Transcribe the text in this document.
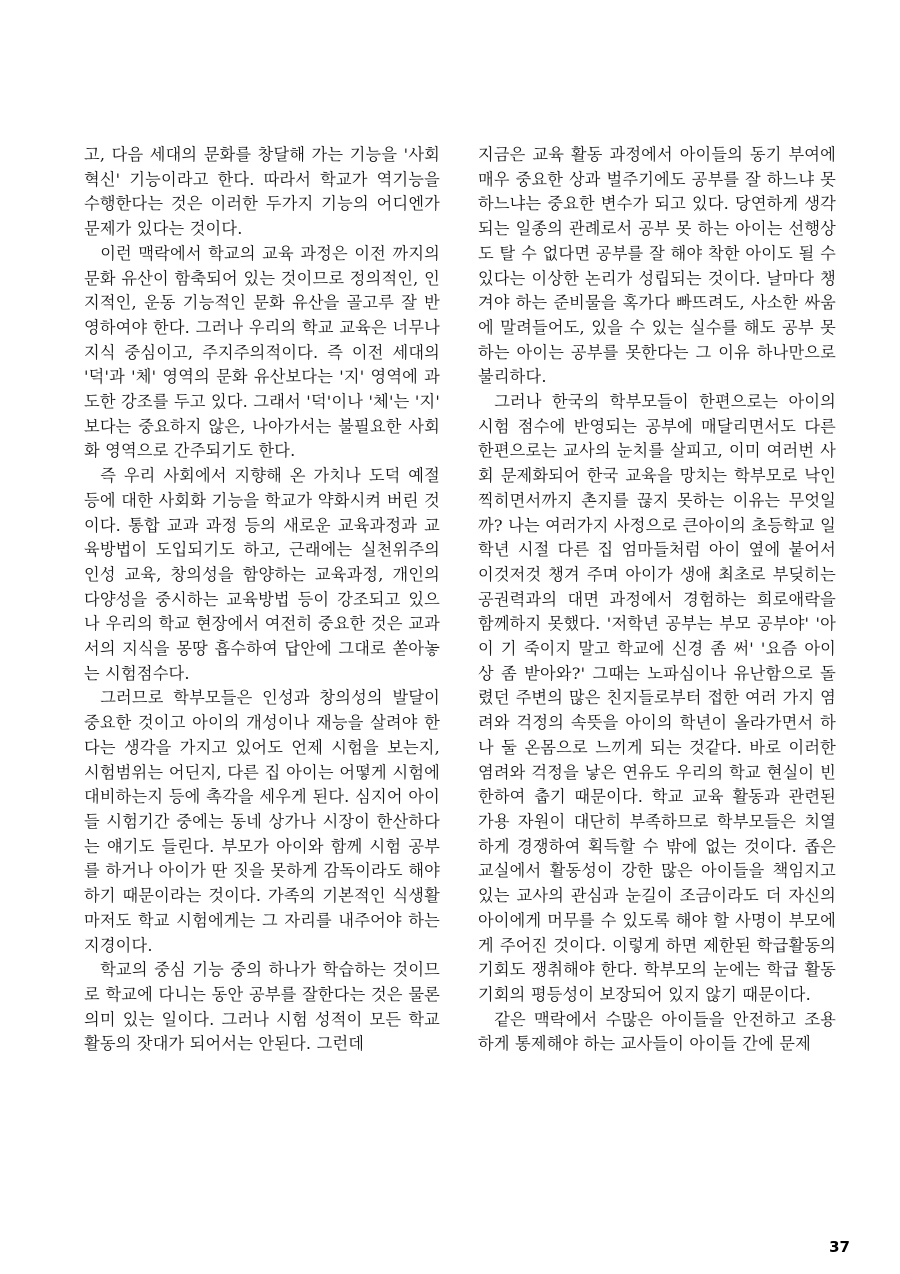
고, 다음 세대의 문화를 창달해 가는 기능을 '사회 혁신' 기능이라고 한다. 따라서 학교가 역기능을 수행한다는 것은 이러한 두가지 기능의 어디엔가 문제가 있다는 것이다.

이런 맥락에서 학교의 교육 과정은 이전 까지의 문화 유산이 함축되어 있는 것이므로 정의적인, 인지적인, 운동 기능적인 문화 유산을 골고루 잘 반영하여야 한다. 그러나 우리의 학교 교육은 너무나 지식 중심이고, 주지주의적이다. 즉 이전 세대의 '덕'과 '체' 영역의 문화 유산보다는 '지' 영역에 과도한 강조를 두고 있다. 그래서 '덕'이나 '체'는 '지' 보다는 중요하지 않은, 나아가서는 불필요한 사회화 영역으로 간주되기도 한다.

즉 우리 사회에서 지향해 온 가치나 도덕 예절 등에 대한 사회화 기능을 학교가 약화시켜 버린 것이다. 통합 교과 과정 등의 새로운 교육과정과 교육방법이 도입되기도 하고, 근래에는 실천위주의 인성 교육, 창의성을 함양하는 교육과정, 개인의 다양성을 중시하는 교육방법 등이 강조되고 있으나 우리의 학교 현장에서 여전히 중요한 것은 교과서의 지식을 몽땅 흡수하여 답안에 그대로 쏟아놓는 시험점수다.

그러므로 학부모들은 인성과 창의성의 발달이 중요한 것이고 아이의 개성이나 재능을 살려야 한다는 생각을 가지고 있어도 언제 시험을 보는지, 시험범위는 어딘지, 다른 집 아이는 어떻게 시험에 대비하는지 등에 촉각을 세우게 된다. 심지어 아이들 시험기간 중에는 동네 상가나 시장이 한산하다는 얘기도 들린다. 부모가 아이와 함께 시험 공부를 하거나 아이가 딴 짓을 못하게 감독이라도 해야 하기 때문이라는 것이다. 가족의 기본적인 식생활마저도 학교 시험에게는 그 자리를 내주어야 하는 지경이다.

학교의 중심 기능 중의 하나가 학습하는 것이므로 학교에 다니는 동안 공부를 잘한다는 것은 물론 의미 있는 일이다. 그러나 시험 성적이 모든 학교 활동의 잣대가 되어서는 안된다. 그런데

지금은 교육 활동 과정에서 아이들의 동기 부여에 매우 중요한 상과 벌주기에도 공부를 잘 하느냐 못 하느냐는 중요한 변수가 되고 있다. 당연하게 생각되는 일종의 관례로서 공부 못 하는 아이는 선행상도 탈 수 없다면 공부를 잘 해야 착한 아이도 될 수 있다는 이상한 논리가 성립되는 것이다. 날마다 챙겨야 하는 준비물을 혹가다 빠뜨려도, 사소한 싸움에 말려들어도, 있을 수 있는 실수를 해도 공부 못 하는 아이는 공부를 못한다는 그 이유 하나만으로 불리하다.

그러나 한국의 학부모들이 한편으로는 아이의 시험 점수에 반영되는 공부에 매달리면서도 다른 한편으로는 교사의 눈치를 살피고, 이미 여러번 사회 문제화되어 한국 교육을 망치는 학부모로 낙인 찍히면서까지 촌지를 끊지 못하는 이유는 무엇일까? 나는 여러가지 사정으로 큰아이의 초등학교 일학년 시절 다른 집 엄마들처럼 아이 옆에 붙어서 이것저것 챙겨 주며 아이가 생애 최초로 부딪히는 공권력과의 대면 과정에서 경험하는 희로애락을 함께하지 못했다. '저학년 공부는 부모 공부야' '아이 기 죽이지 말고 학교에 신경 좀 써' '요즘 아이 상 좀 받아와?' 그때는 노파심이나 유난함으로 돌렸던 주변의 많은 친지들로부터 접한 여러 가지 염려와 걱정의 속뜻을 아이의 학년이 올라가면서 하나 둘 온몸으로 느끼게 되는 것같다. 바로 이러한 염려와 걱정을 낳은 연유도 우리의 학교 현실이 빈한하여 춥기 때문이다. 학교 교육 활동과 관련된 가용 자원이 대단히 부족하므로 학부모들은 치열하게 경쟁하여 획득할 수 밖에 없는 것이다. 좁은 교실에서 활동성이 강한 많은 아이들을 책임지고 있는 교사의 관심과 눈길이 조금이라도 더 자신의 아이에게 머무를 수 있도록 해야 할 사명이 부모에게 주어진 것이다. 이렇게 하면 제한된 학급활동의 기회도 쟁취해야 한다. 학부모의 눈에는 학급 활동 기회의 평등성이 보장되어 있지 않기 때문이다.

같은 맥락에서 수많은 아이들을 안전하고 조용하게 통제해야 하는 교사들이 아이들 간에 문제

37
